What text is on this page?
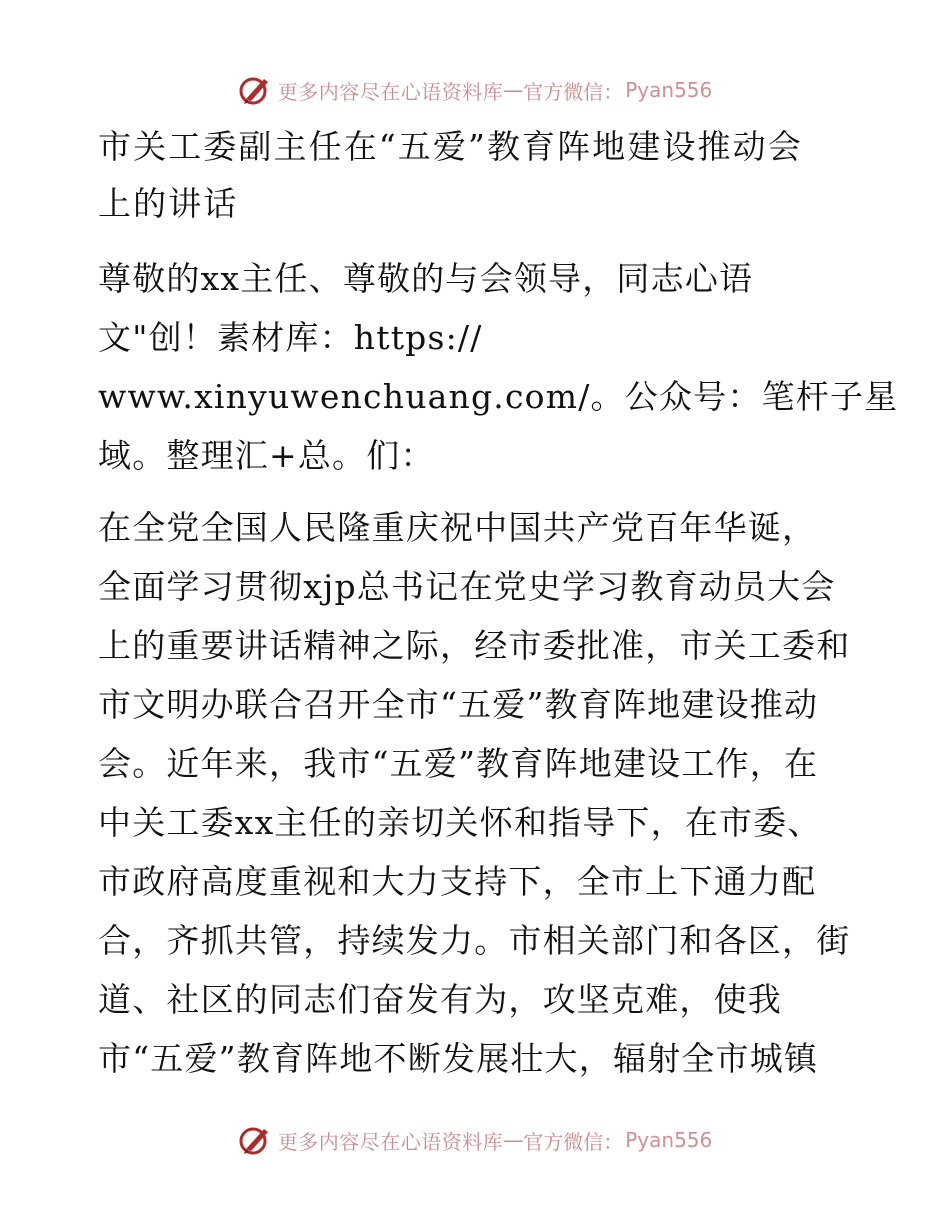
更多内容尽在心语资料库 — 官方微信： Pyan556
市关工委副主任在“五爱”教育阵地建设推动会
上的讲话
尊敬的xx主任、尊敬的与会领导，同志心语
文"创！素材库：https://
www.xinyuwenchuang.com/。公众号：笔杆子星
域。整理汇+总。们：
在全党全国人民隆重庆祝中国共产党百年华诞，
全面学习贯彻xjp总书记在党史学习教育动员大会
上的重要讲话精神之际，经市委批准，市关工委和
市文明办联合召开全市“五爱”教育阵地建设推动
会。近年来，我市“五爱”教育阵地建设工作，在
中关工委xx主任的亲切关怀和指导下，在市委、
市政府高度重视和大力支持下，全市上下通力配
合，齐抓共管，持续发力。市相关部门和各区，街
道、社区的同志们奋发有为，攻坚克难，使我
市“五爱”教育阵地不断发展壮大，辐射全市城镇
更多内容尽在心语资料库 — 官方微信： Pyan556
